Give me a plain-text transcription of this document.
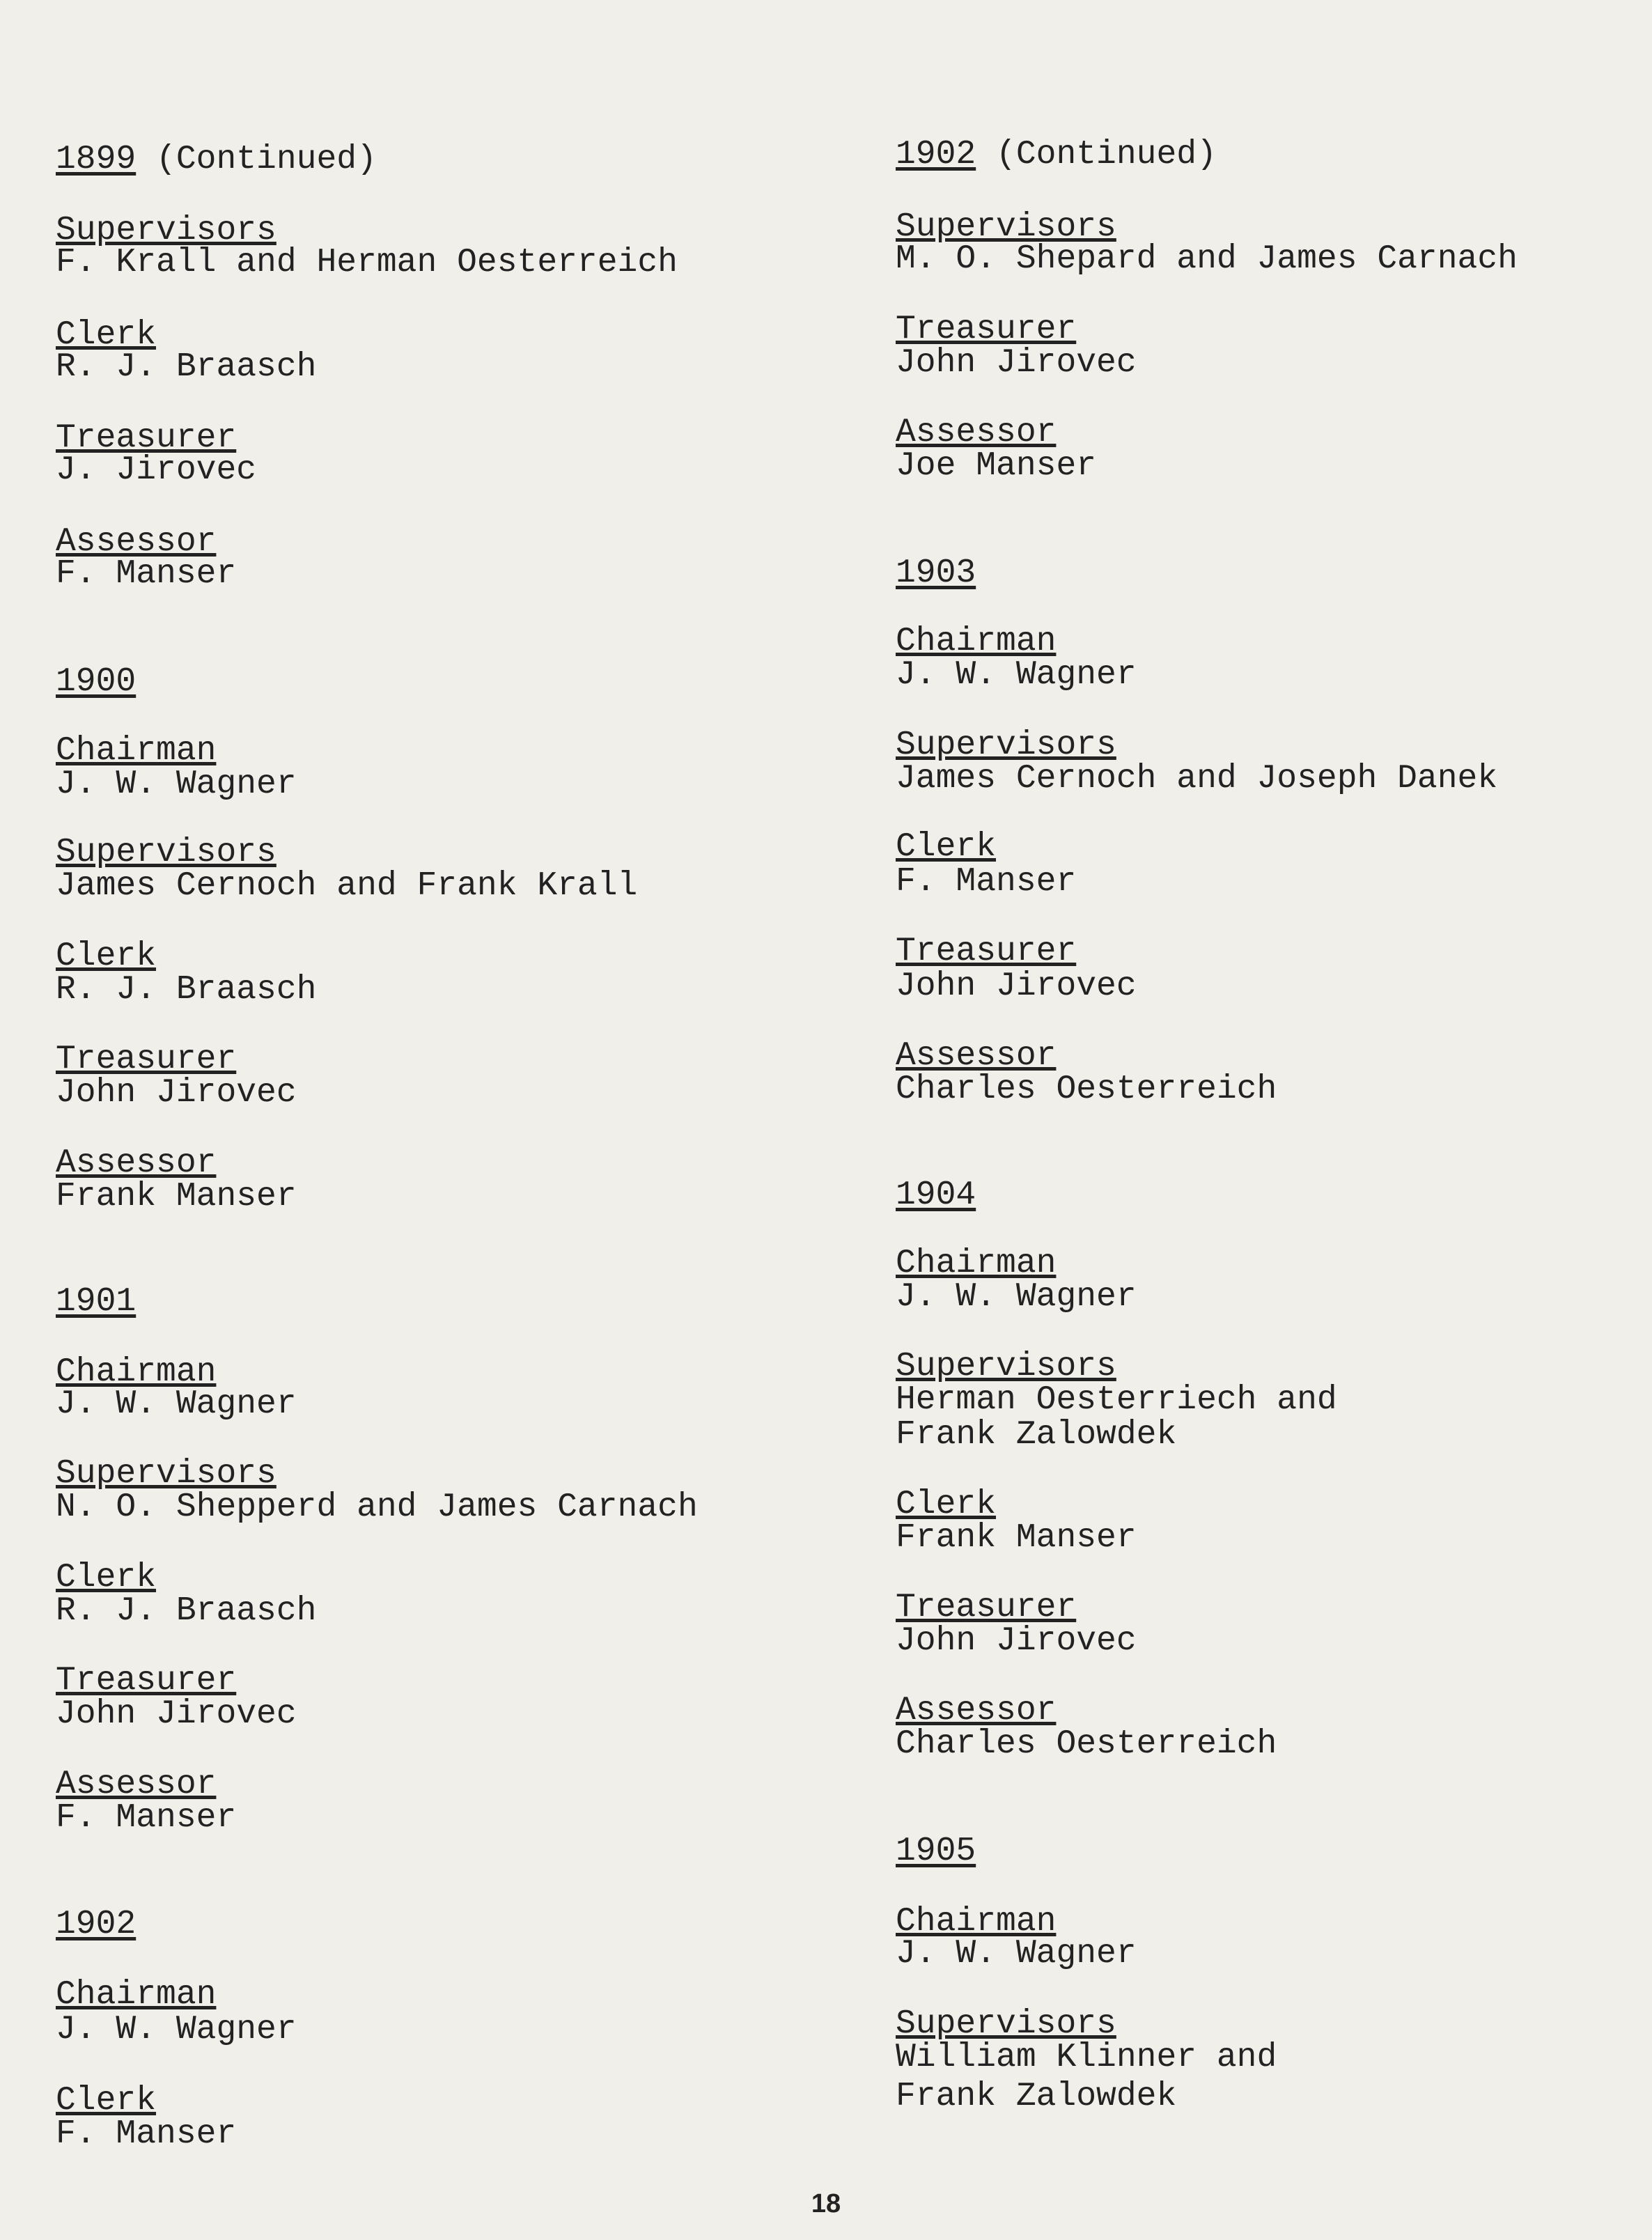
1899 (Continued)
Supervisors
F. Krall and Herman Oesterreich
Clerk
R. J. Braasch
Treasurer
J. Jirovec
Assessor
F. Manser
1900
Chairman
J. W. Wagner
Supervisors
James Cernoch and Frank Krall
Clerk
R. J. Braasch
Treasurer
John Jirovec
Assessor
Frank Manser
1901
Chairman
J. W. Wagner
Supervisors
N. O. Shepperd and James Carnach
Clerk
R. J. Braasch
Treasurer
John Jirovec
Assessor
F. Manser
1902
Chairman
J. W. Wagner
Clerk
F. Manser
1902 (Continued)
Supervisors
M. O. Shepard and James Carnach
Treasurer
John Jirovec
Assessor
Joe Manser
1903
Chairman
J. W. Wagner
Supervisors
James Cernoch and Joseph Danek
Clerk
F. Manser
Treasurer
John Jirovec
Assessor
Charles Oesterreich
1904
Chairman
J. W. Wagner
Supervisors
Herman Oesterriech and
Frank Zalowdek
Clerk
Frank Manser
Treasurer
John Jirovec
Assessor
Charles Oesterreich
1905
Chairman
J. W. Wagner
Supervisors
William Klinner and
Frank Zalowdek
18
